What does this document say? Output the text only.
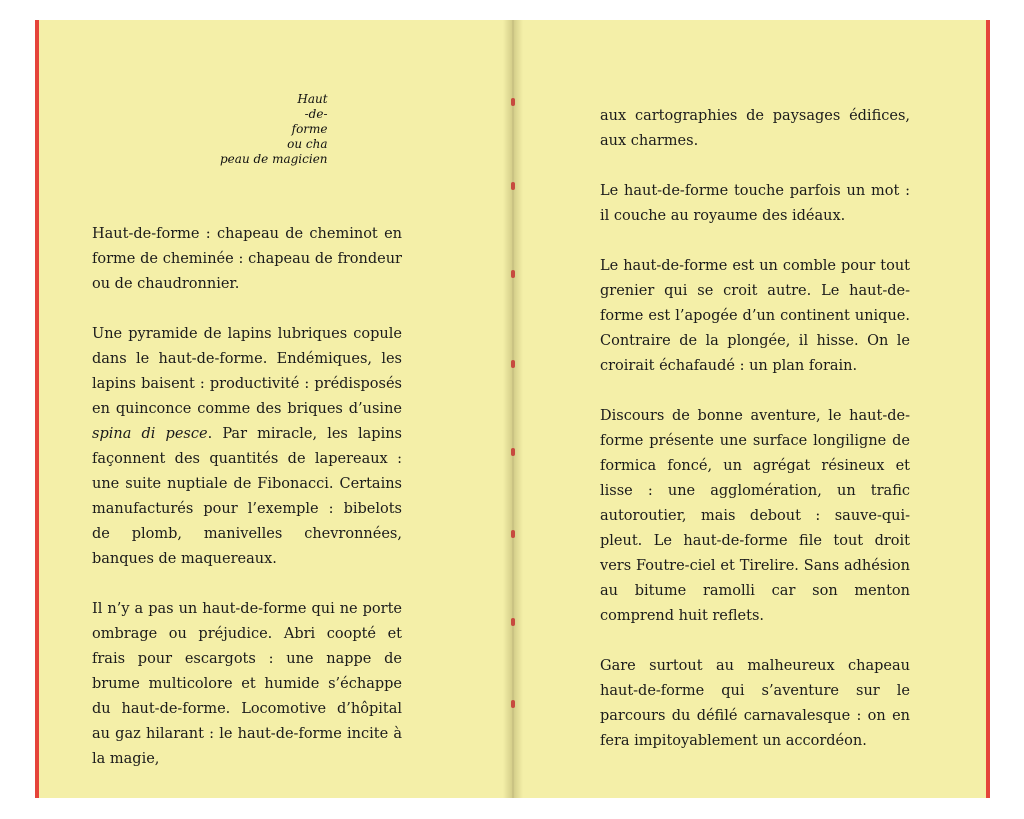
Haut
-de-
forme
ou cha
peau de magicien

Haut-de-forme : chapeau de cheminot en forme de cheminée : chapeau de frondeur ou de chaudronnier.

Une pyramide de lapins lubriques copule dans le haut-de-forme. Endémiques, les lapins baisent : productivité : prédisposés en quinconce comme des briques d’usine spina di pesce. Par miracle, les lapins façonnent des quantités de lapereaux : une suite nuptiale de Fibonacci. Certains manufacturés pour l’exemple : bibelots de plomb, manivelles chevronnées, banques de maquereaux.

Il n’y a pas un haut-de-forme qui ne porte ombrage ou préjudice. Abri coopté et frais pour escargots : une nappe de brume multicolore et humide s’échappe du haut-de-forme. Locomotive d’hôpital au gaz hilarant : le haut-de-forme incite à la magie,

aux cartographies de paysages édifices, aux charmes.

Le haut-de-forme touche parfois un mot : il couche au royaume des idéaux.

Le haut-de-forme est un comble pour tout grenier qui se croit autre. Le haut-de-forme est l’apogée d’un continent unique. Contraire de la plongée, il hisse. On le croirait échafaudé : un plan forain.

Discours de bonne aventure, le haut-de-forme présente une surface longiligne de formica foncé, un agrégat résineux et lisse : une agglomération, un trafic autoroutier, mais debout : sauve-qui-pleut. Le haut-de-forme file tout droit vers Foutre-ciel et Tirelire. Sans adhésion au bitume ramolli car son menton comprend huit reflets.

Gare surtout au malheureux chapeau haut-de-forme qui s’aventure sur le parcours du défilé carnavalesque : on en fera impitoyablement un accordéon.
